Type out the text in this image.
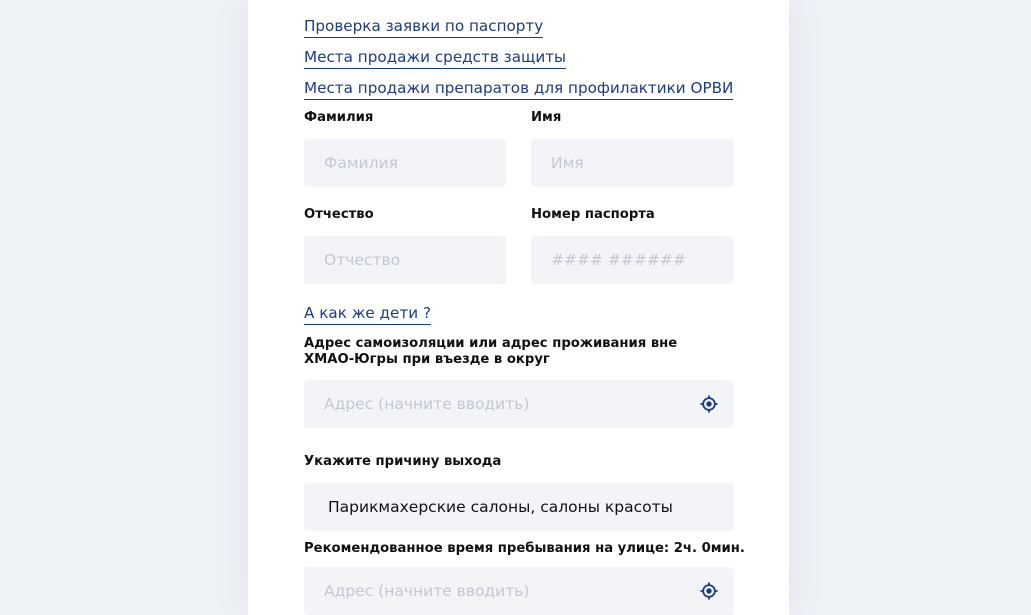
Проверка заявки по паспорту
Места продажи средств защиты
Места продажи препаратов для профилактики ОРВИ
Фамилия	Имя
Фамилия
Имя
Отчество	Номер паспорта
Отчество
#### ######
А как же дети ?
Адрес самоизоляции или адрес проживания вне ХМАО-Югры при въезде в округ
Адрес (начните вводить)
Укажите причину выхода
Парикмахерские салоны, салоны красоты
Рекомендованное время пребывания на улице: 2ч. 0мин.
Адрес (начните вводить)
